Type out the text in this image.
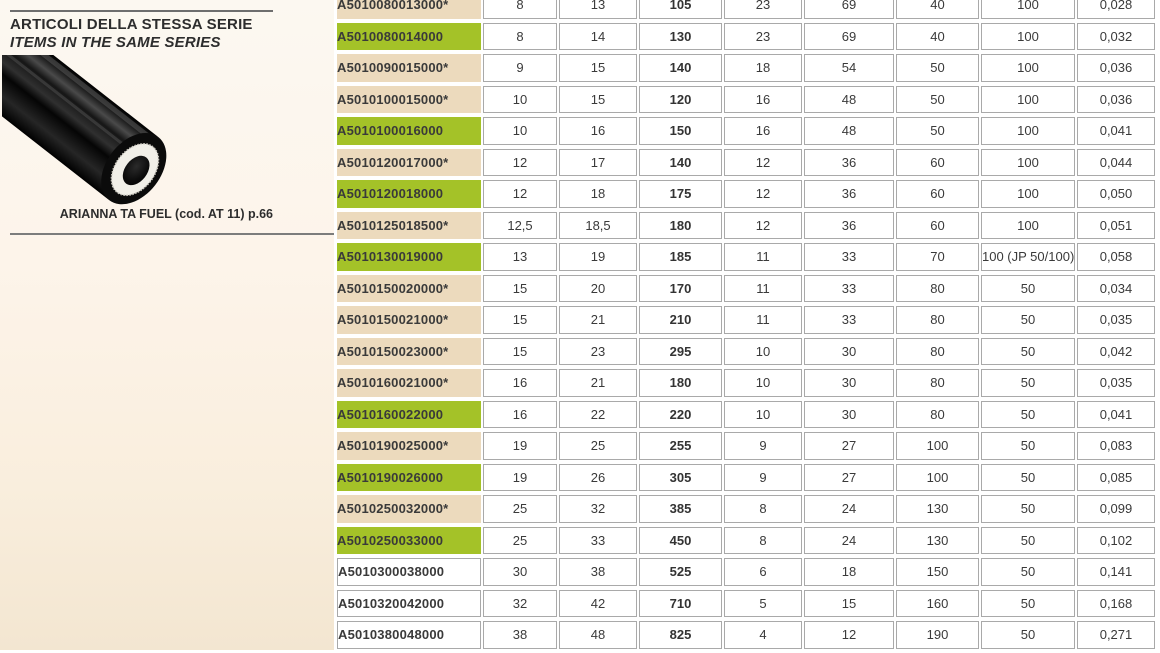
ARTICOLI DELLA STESSA SERIE
ITEMS IN THE SAME SERIES
ARIANNA TA FUEL (cod. AT 11) p.66
A5010080013000*	8	13	105	23	69	40	100	0,028
A5010080014000	8	14	130	23	69	40	100	0,032
A5010090015000*	9	15	140	18	54	50	100	0,036
A5010100015000*	10	15	120	16	48	50	100	0,036
A5010100016000	10	16	150	16	48	50	100	0,041
A5010120017000*	12	17	140	12	36	60	100	0,044
A5010120018000	12	18	175	12	36	60	100	0,050
A5010125018500*	12,5	18,5	180	12	36	60	100	0,051
A5010130019000	13	19	185	11	33	70	100 (JP 50/100)	0,058
A5010150020000*	15	20	170	11	33	80	50	0,034
A5010150021000*	15	21	210	11	33	80	50	0,035
A5010150023000*	15	23	295	10	30	80	50	0,042
A5010160021000*	16	21	180	10	30	80	50	0,035
A5010160022000	16	22	220	10	30	80	50	0,041
A5010190025000*	19	25	255	9	27	100	50	0,083
A5010190026000	19	26	305	9	27	100	50	0,085
A5010250032000*	25	32	385	8	24	130	50	0,099
A5010250033000	25	33	450	8	24	130	50	0,102
A5010300038000	30	38	525	6	18	150	50	0,141
A5010320042000	32	42	710	5	15	160	50	0,168
A5010380048000	38	48	825	4	12	190	50	0,271
